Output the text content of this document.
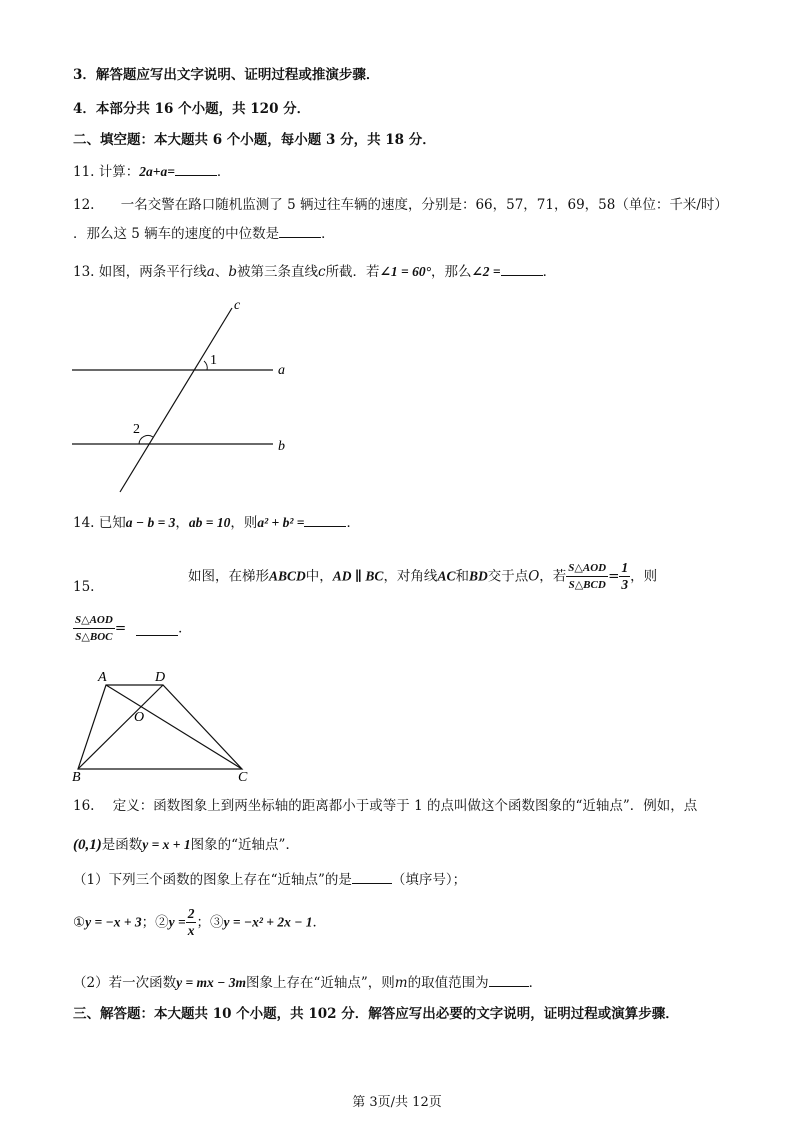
3．解答题应写出文字说明、证明过程或推演步骤．
4．本部分共 16 个小题，共 120 分．
二、填空题：本大题共 6 个小题，每小题 3 分，共 18 分．
11. 计算：2a+a=	．
12. 一名交警在路口随机监测了 5 辆过往车辆的速度，分别是：66，57，71，69，58（单位：千米/时）
．那么这 5 辆车的速度的中位数是	．
13. 如图，两条平行线a、b被第三条直线c所截．若∠1 = 60°，那么∠2 =	．
c
a
b
1
2
14. 已知a − b = 3，ab = 10，则a² + b² =	．
15.
如图，在梯形ABCD中，AD ∥ BC，对角线AC和BD交于点O，若 $\frac{\text{S△AOD}}{\text{S△BCD}} = \frac{1}{3}$ ，则
$\frac{\text{S△AOD}}{\text{S△BOC}}$ =	．
A	D
O
B	C
16. 定义：函数图象上到两坐标轴的距离都小于或等于 1 的点叫做这个函数图象的“近轴点”．例如，点
(0,1)是函数y = x + 1图象的“近轴点”．
（1）下列三个函数的图象上存在“近轴点”的是	（填序号）；
①y = −x + 3；②y = $\frac{2}{x}$ ；③y = −x² + 2x − 1．
（2）若一次函数y = mx − 3m图象上存在“近轴点”，则m的取值范围为	．
三、解答题：本大题共 10 个小题，共 102 分．解答应写出必要的文字说明，证明过程或演算步骤．
第 3页/共 12页
